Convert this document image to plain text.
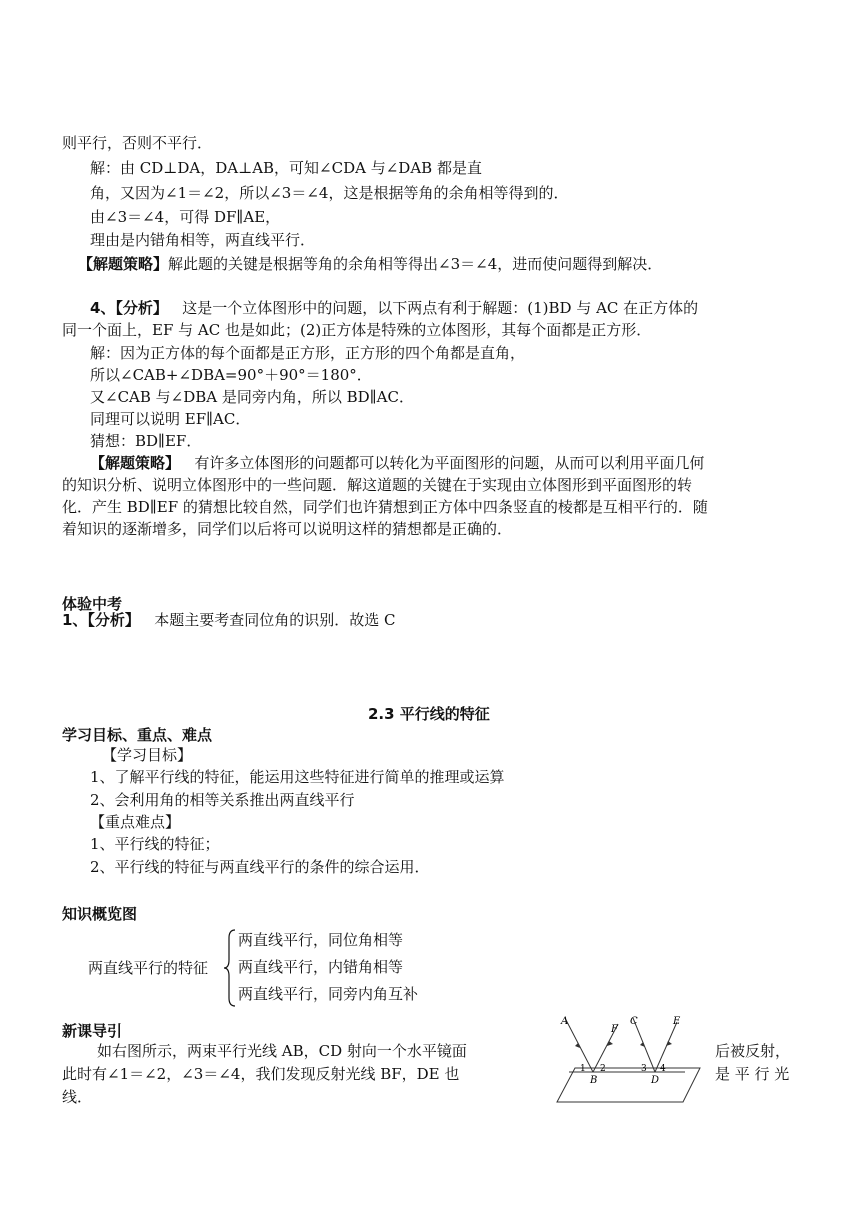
则平行，否则不平行．
解：由 CD⊥DA，DA⊥AB，可知∠CDA 与∠DAB 都是直
角，又因为∠1＝∠2，所以∠3＝∠4，这是根据等角的余角相等得到的．
由∠3＝∠4，可得 DF∥AE，
理由是内错角相等，两直线平行．
【解题策略】解此题的关键是根据等角的余角相等得出∠3＝∠4，进而使问题得到解决．
4、【分析】 这是一个立体图形中的问题，以下两点有利于解题：(1)BD 与 AC 在正方体的
同一个面上，EF 与 AC 也是如此；(2)正方体是特殊的立体图形，其每个面都是正方形．
解：因为正方体的每个面都是正方形，正方形的四个角都是直角，
所以∠CAB+∠DBA=90°＋90°＝180°．
又∠CAB 与∠DBA 是同旁内角，所以 BD∥AC．
同理可以说明 EF∥AC．
猜想：BD∥EF．
【解题策略】 有许多立体图形的问题都可以转化为平面图形的问题，从而可以利用平面几何
的知识分析、说明立体图形中的一些问题．解这道题的关键在于实现由立体图形到平面图形的转
化．产生 BD∥EF 的猜想比较自然，同学们也许猜想到正方体中四条竖直的棱都是互相平行的．随
着知识的逐渐增多，同学们以后将可以说明这样的猜想都是正确的．
体验中考
1、【分析】 本题主要考查同位角的识别．故选 C
2.3 平行线的特征
学习目标、重点、难点
【学习目标】
1、了解平行线的特征，能运用这些特征进行简单的推理或运算
2、会利用角的相等关系推出两直线平行
【重点难点】
1、平行线的特征；
2、平行线的特征与两直线平行的条件的综合运用．
知识概览图
两直线平行的特征
两直线平行，同位角相等
两直线平行，内错角相等
两直线平行，同旁内角互补
新课导引
如右图所示，两束平行光线 AB，CD 射向一个水平镜面	后被反射，
此时有∠1＝∠2，∠3＝∠4，我们发现反射光线 BF，DE 也	是 平 行 光
线．
A
F
C	E
1 2	3 4
B	D
